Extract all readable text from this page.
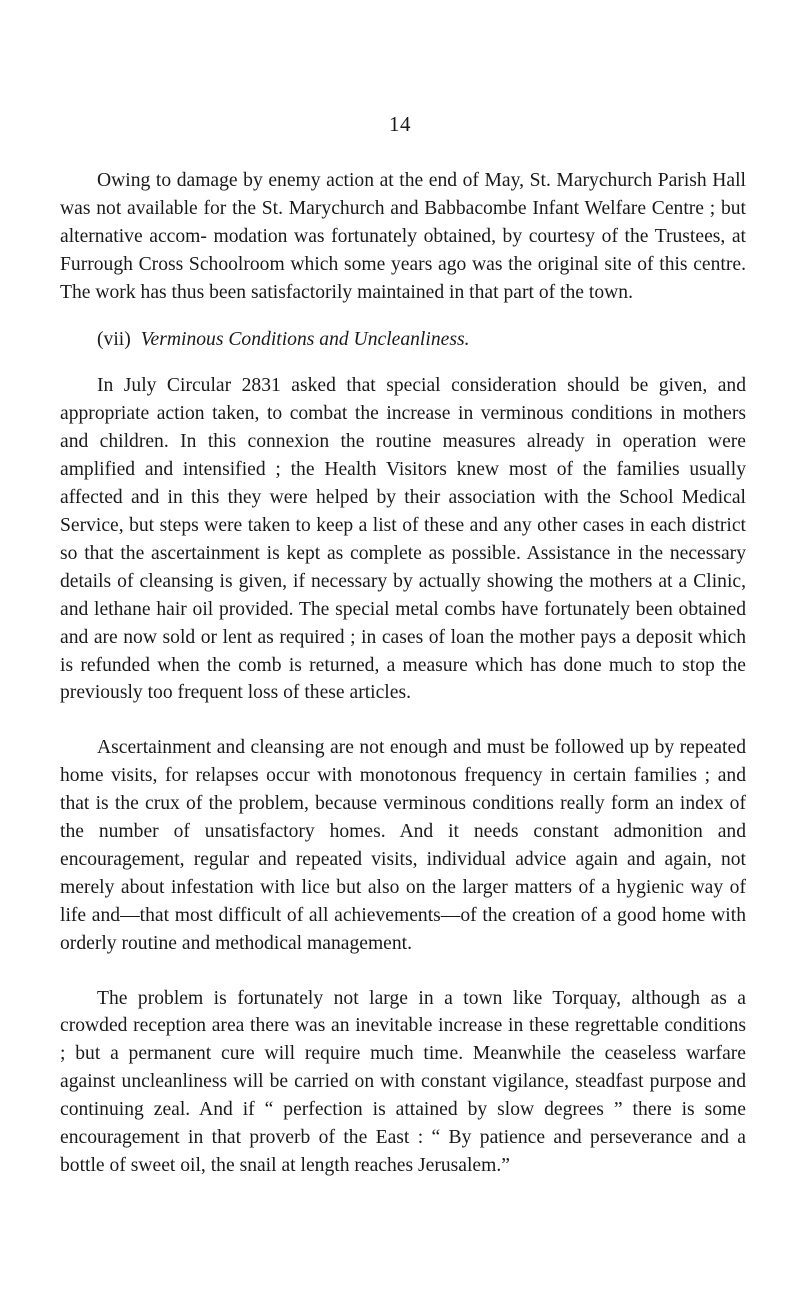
14

Owing to damage by enemy action at the end of May, St. Marychurch Parish Hall was not available for the St. Marychurch and Babbacombe Infant Welfare Centre ; but alternative accom- modation was fortunately obtained, by courtesy of the Trustees, at Furrough Cross Schoolroom which some years ago was the original site of this centre. The work has thus been satisfactorily maintained in that part of the town.

(vii) Verminous Conditions and Uncleanliness.

In July Circular 2831 asked that special consideration should be given, and appropriate action taken, to combat the increase in verminous conditions in mothers and children. In this connexion the routine measures already in operation were amplified and intensified ; the Health Visitors knew most of the families usually affected and in this they were helped by their association with the School Medical Service, but steps were taken to keep a list of these and any other cases in each district so that the ascertainment is kept as complete as possible. Assistance in the necessary details of cleansing is given, if necessary by actually showing the mothers at a Clinic, and lethane hair oil provided. The special metal combs have fortunately been obtained and are now sold or lent as required ; in cases of loan the mother pays a deposit which is refunded when the comb is returned, a measure which has done much to stop the previously too frequent loss of these articles.

Ascertainment and cleansing are not enough and must be followed up by repeated home visits, for relapses occur with monotonous frequency in certain families ; and that is the crux of the problem, because verminous conditions really form an index of the number of unsatisfactory homes. And it needs constant admonition and encouragement, regular and repeated visits, individual advice again and again, not merely about infestation with lice but also on the larger matters of a hygienic way of life and—that most difficult of all achievements—of the creation of a good home with orderly routine and methodical management.

The problem is fortunately not large in a town like Torquay, although as a crowded reception area there was an inevitable increase in these regrettable conditions ; but a permanent cure will require much time. Meanwhile the ceaseless warfare against uncleanliness will be carried on with constant vigilance, steadfast purpose and continuing zeal. And if “ perfection is attained by slow degrees ” there is some encouragement in that proverb of the East : “ By patience and perseverance and a bottle of sweet oil, the snail at length reaches Jerusalem.”
